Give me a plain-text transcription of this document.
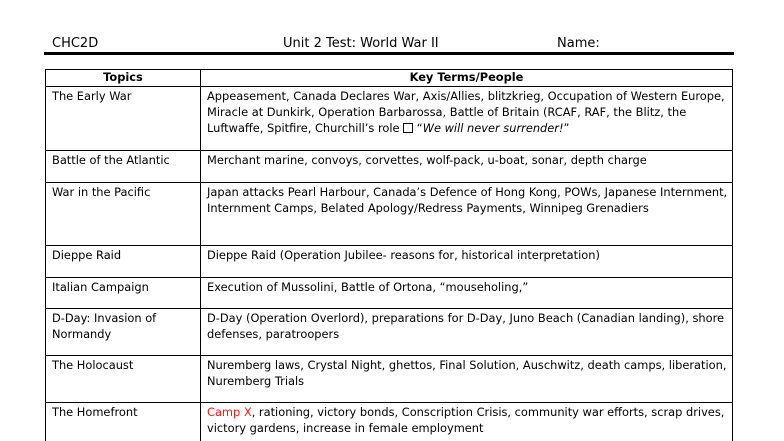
CHC2D	Unit 2 Test: World War II	Name:
Topics	Key Terms/People
The Early War	Appeasement, Canada Declares War, Axis/Allies, blitzkrieg, Occupation of Western Europe, Miracle at Dunkirk, Operation Barbarossa, Battle of Britain (RCAF, RAF, the Blitz, the Luftwaffe, Spitfire, Churchill’s role  “We will never surrender!”
Battle of the Atlantic	Merchant marine, convoys, corvettes, wolf-pack, u-boat, sonar, depth charge
War in the Pacific	Japan attacks Pearl Harbour, Canada’s Defence of Hong Kong, POWs, Japanese Internment, Internment Camps, Belated Apology/Redress Payments, Winnipeg Grenadiers
Dieppe Raid	Dieppe Raid (Operation Jubilee- reasons for, historical interpretation)
Italian Campaign	Execution of Mussolini, Battle of Ortona, “mouseholing,”
D-Day: Invasion of Normandy	D-Day (Operation Overlord), preparations for D-Day, Juno Beach (Canadian landing), shore defenses, paratroopers
The Holocaust	Nuremberg laws, Crystal Night, ghettos, Final Solution, Auschwitz, death camps, liberation, Nuremberg Trials
The Homefront	Camp X, rationing, victory bonds, Conscription Crisis, community war efforts, scrap drives, victory gardens, increase in female employment
